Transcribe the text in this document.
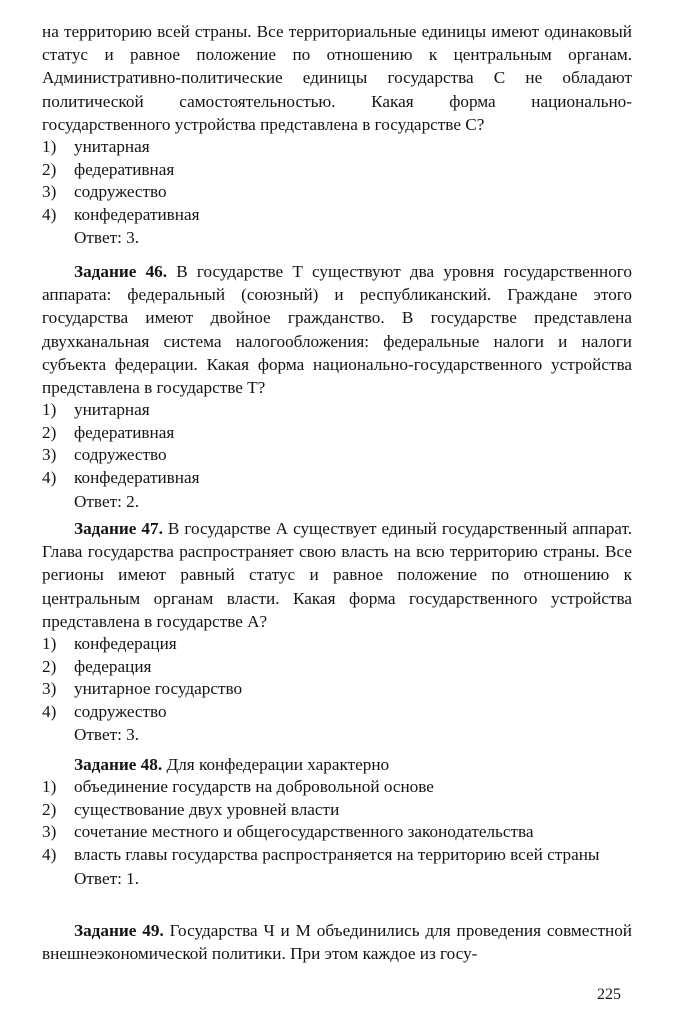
на территорию всей страны. Все территориальные единицы имеют одинаковый статус и равное положение по отношению к центральным органам. Административно-политические единицы государства С не обладают политической самостоятельностью. Какая форма национально-государственного устройства представлена в государстве С?
1) унитарная
2) федеративная
3) содружество
4) конфедеративная
Ответ: 3.
Задание 46. В государстве Т существуют два уровня государственного аппарата: федеральный (союзный) и республиканский. Граждане этого государства имеют двойное гражданство. В государстве представлена двухканальная система налогообложения: федеральные налоги и налоги субъекта федерации. Какая форма национально-государственного устройства представлена в государстве Т?
1) унитарная
2) федеративная
3) содружество
4) конфедеративная
Ответ: 2.
Задание 47. В государстве А существует единый государственный аппарат. Глава государства распространяет свою власть на всю территорию страны. Все регионы имеют равный статус и равное положение по отношению к центральным органам власти. Какая форма государственного устройства представлена в государстве А?
1) конфедерация
2) федерация
3) унитарное государство
4) содружество
Ответ: 3.
Задание 48. Для конфедерации характерно
1) объединение государств на добровольной основе
2) существование двух уровней власти
3) сочетание местного и общегосударственного законодательства
4)	власть главы государства распространяется на территорию всей страны
Ответ: 1.
Задание 49. Государства Ч и М объединились для проведения совместной внешнеэкономической политики. При этом каждое из госу-
225
